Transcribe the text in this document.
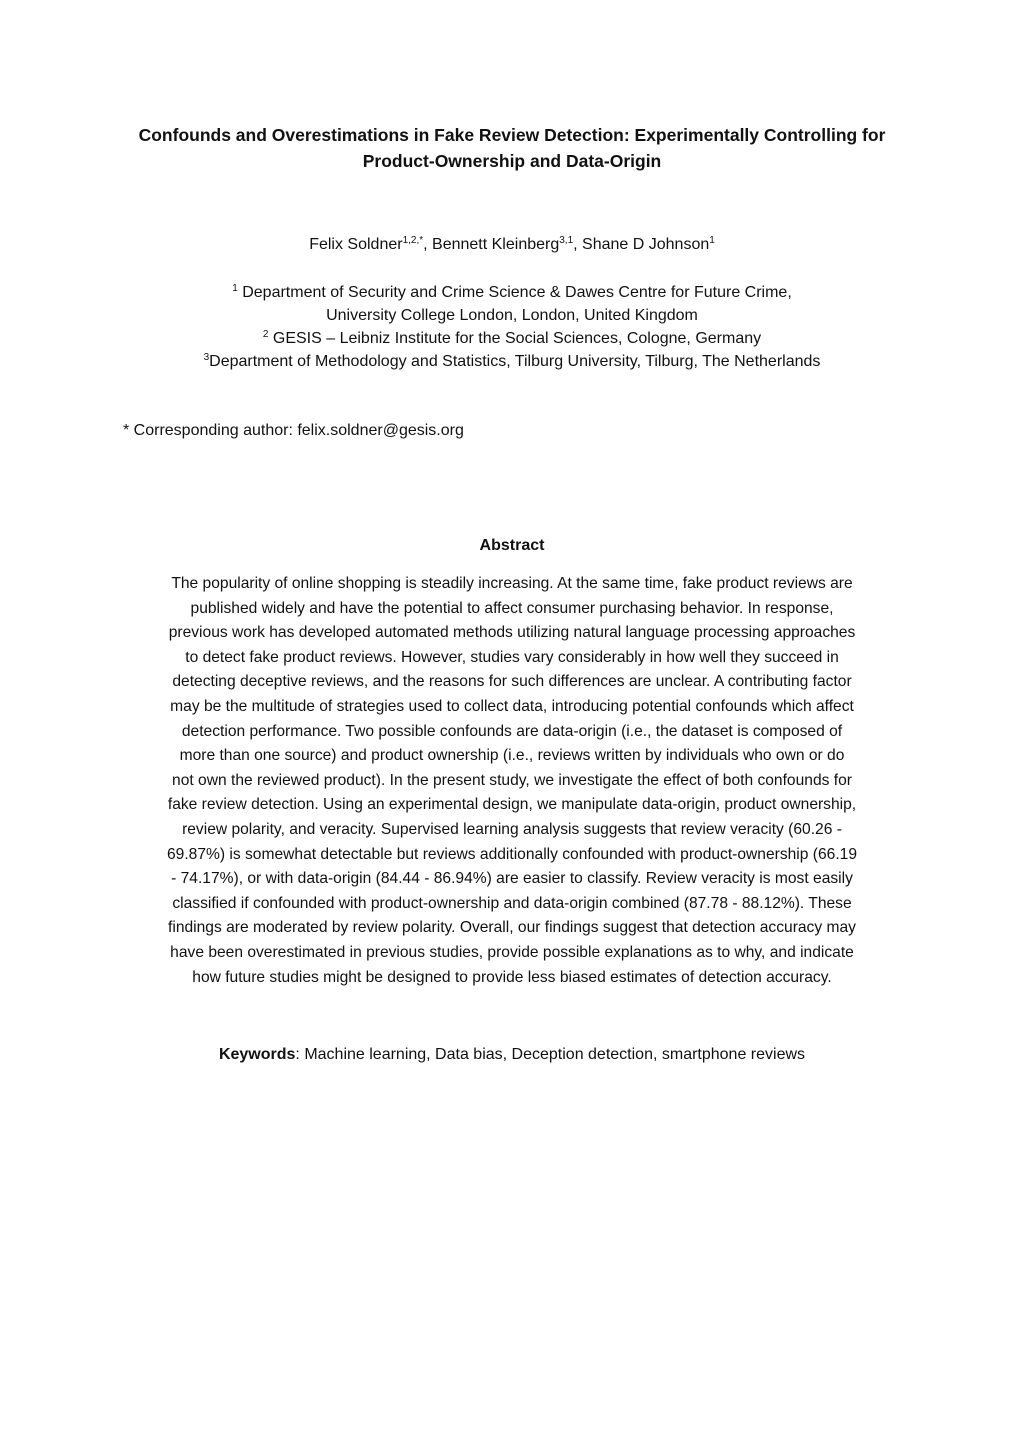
Confounds and Overestimations in Fake Review Detection: Experimentally Controlling for
Product-Ownership and Data-Origin
Felix Soldner$^{1,2,*}$, Bennett Kleinberg$^{3,1}$, Shane D Johnson$^1$
$^1$ Department of Security and Crime Science & Dawes Centre for Future Crime,
University College London, London, United Kingdom
$^2$ GESIS – Leibniz Institute for the Social Sciences, Cologne, Germany
$^3$Department of Methodology and Statistics, Tilburg University, Tilburg, The Netherlands
* Corresponding author: felix.soldner@gesis.org
Abstract
The popularity of online shopping is steadily increasing. At the same time, fake product reviews are
published widely and have the potential to affect consumer purchasing behavior. In response,
previous work has developed automated methods utilizing natural language processing approaches
to detect fake product reviews. However, studies vary considerably in how well they succeed in
detecting deceptive reviews, and the reasons for such differences are unclear. A contributing factor
may be the multitude of strategies used to collect data, introducing potential confounds which affect
detection performance. Two possible confounds are data-origin (i.e., the dataset is composed of
more than one source) and product ownership (i.e., reviews written by individuals who own or do
not own the reviewed product). In the present study, we investigate the effect of both confounds for
fake review detection. Using an experimental design, we manipulate data-origin, product ownership,
review polarity, and veracity. Supervised learning analysis suggests that review veracity (60.26 -
69.87%) is somewhat detectable but reviews additionally confounded with product-ownership (66.19
- 74.17%), or with data-origin (84.44 - 86.94%) are easier to classify. Review veracity is most easily
classified if confounded with product-ownership and data-origin combined (87.78 - 88.12%). These
findings are moderated by review polarity. Overall, our findings suggest that detection accuracy may
have been overestimated in previous studies, provide possible explanations as to why, and indicate
how future studies might be designed to provide less biased estimates of detection accuracy.
Keywords: Machine learning, Data bias, Deception detection, smartphone reviews
